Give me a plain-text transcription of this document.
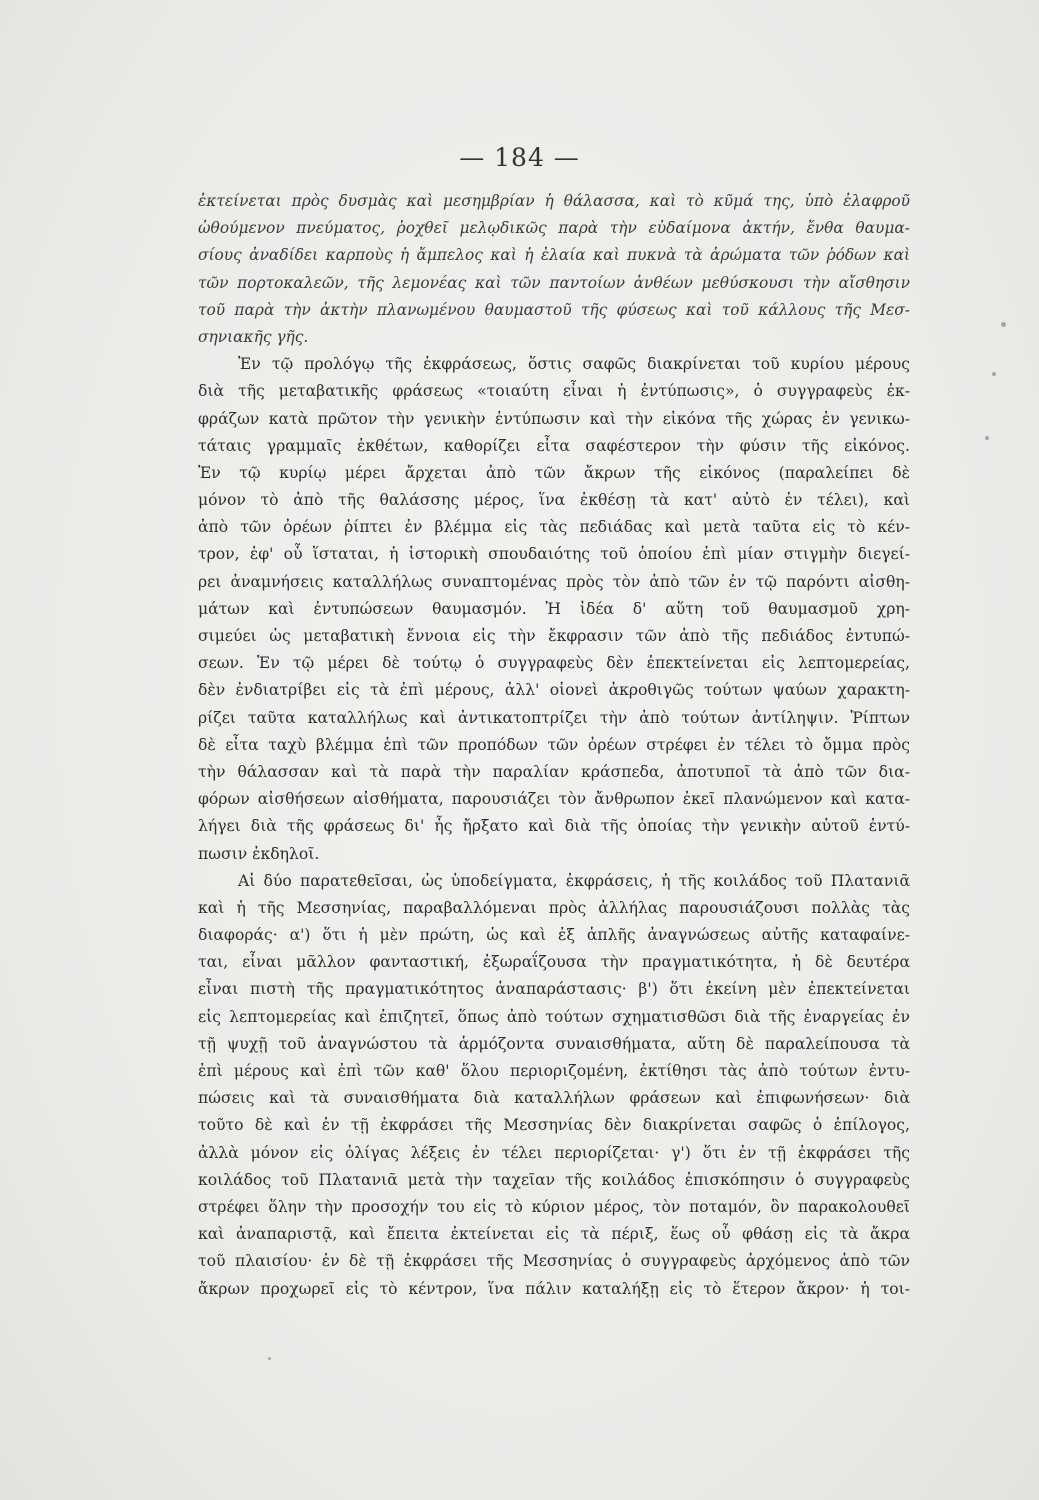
— 184 —
ἐκτείνεται πρὸς δυσμὰς καὶ μεσημβρίαν ἡ θάλασσα, καὶ τὸ κῦμά της, ὑπὸ ἐλαφροῦ
ὠθούμενον πνεύματος, ῥοχθεῖ μελῳδικῶς παρὰ τὴν εὐδαίμονα ἀκτήν, ἔνθα θαυμα-
σίους ἀναδίδει καρποὺς ἡ ἄμπελος καὶ ἡ ἐλαία καὶ πυκνὰ τὰ ἀρώματα τῶν ῥόδων καὶ
τῶν πορτοκαλεῶν, τῆς λεμονέας καὶ τῶν παντοίων ἀνθέων μεθύσκουσι τὴν αἴσθησιν
τοῦ παρὰ τὴν ἀκτὴν πλανωμένου θαυμαστοῦ τῆς φύσεως καὶ τοῦ κάλλους τῆς Μεσ-
σηνιακῆς γῆς.
Ἐν τῷ προλόγῳ τῆς ἐκφράσεως, ὅστις σαφῶς διακρίνεται τοῦ κυρίου μέρους
διὰ τῆς μεταβατικῆς φράσεως «τοιαύτη εἶναι ἡ ἐντύπωσις», ὁ συγγραφεὺς ἐκ-
φράζων κατὰ πρῶτον τὴν γενικὴν ἐντύπωσιν καὶ τὴν εἰκόνα τῆς χώρας ἐν γενικω-
τάταις γραμμαῖς ἐκθέτων, καθορίζει εἶτα σαφέστερον τὴν φύσιν τῆς εἰκόνος.
Ἐν τῷ κυρίῳ μέρει ἄρχεται ἀπὸ τῶν ἄκρων τῆς εἰκόνος (παραλείπει δὲ
μόνον τὸ ἀπὸ τῆς θαλάσσης μέρος, ἵνα ἐκθέσῃ τὰ κατ' αὐτὸ ἐν τέλει), καὶ
ἀπὸ τῶν ὀρέων ῥίπτει ἐν βλέμμα εἰς τὰς πεδιάδας καὶ μετὰ ταῦτα εἰς τὸ κέν-
τρον, ἐφ' οὗ ἵσταται, ἡ ἱστορικὴ σπουδαιότης τοῦ ὁποίου ἐπὶ μίαν στιγμὴν διεγεί-
ρει ἀναμνήσεις καταλλήλως συναπτομένας πρὸς τὸν ἀπὸ τῶν ἐν τῷ παρόντι αἰσθη-
μάτων καὶ ἐντυπώσεων θαυμασμόν. Ἡ ἰδέα δ' αὕτη τοῦ θαυμασμοῦ χρη-
σιμεύει ὡς μεταβατικὴ ἔννοια εἰς τὴν ἔκφρασιν τῶν ἀπὸ τῆς πεδιάδος ἐντυπώ-
σεων. Ἐν τῷ μέρει δὲ τούτῳ ὁ συγγραφεὺς δὲν ἐπεκτείνεται εἰς λεπτομερείας,
δὲν ἐνδιατρίβει εἰς τὰ ἐπὶ μέρους, ἀλλ' οἱονεὶ ἀκροθιγῶς τούτων ψαύων χαρακτη-
ρίζει ταῦτα καταλλήλως καὶ ἀντικατοπτρίζει τὴν ἀπὸ τούτων ἀντίληψιν. Ῥίπτων
δὲ εἶτα ταχὺ βλέμμα ἐπὶ τῶν προπόδων τῶν ὀρέων στρέφει ἐν τέλει τὸ ὄμμα πρὸς
τὴν θάλασσαν καὶ τὰ παρὰ τὴν παραλίαν κράσπεδα, ἀποτυποῖ τὰ ἀπὸ τῶν δια-
φόρων αἰσθήσεων αἰσθήματα, παρουσιάζει τὸν ἄνθρωπον ἐκεῖ πλανώμενον καὶ κατα-
λήγει διὰ τῆς φράσεως δι' ἧς ἤρξατο καὶ διὰ τῆς ὁποίας τὴν γενικὴν αὐτοῦ ἐντύ-
πωσιν ἐκδηλοῖ.
Αἱ δύο παρατεθεῖσαι, ὡς ὑποδείγματα, ἐκφράσεις, ἡ τῆς κοιλάδος τοῦ Πλατανιᾶ
καὶ ἡ τῆς Μεσσηνίας, παραβαλλόμεναι πρὸς ἀλλήλας παρουσιάζουσι πολλὰς τὰς
διαφοράς· α') ὅτι ἡ μὲν πρώτη, ὡς καὶ ἐξ ἁπλῆς ἀναγνώσεως αὐτῆς καταφαίνε-
ται, εἶναι μᾶλλον φανταστική, ἐξωραΐζουσα τὴν πραγματικότητα, ἡ δὲ δευτέρα
εἶναι πιστὴ τῆς πραγματικότητος ἀναπαράστασις· β') ὅτι ἐκείνη μὲν ἐπεκτείνεται
εἰς λεπτομερείας καὶ ἐπιζητεῖ, ὅπως ἀπὸ τούτων σχηματισθῶσι διὰ τῆς ἐναργείας ἐν
τῇ ψυχῇ τοῦ ἀναγνώστου τὰ ἁρμόζοντα συναισθήματα, αὕτη δὲ παραλείπουσα τὰ
ἐπὶ μέρους καὶ ἐπὶ τῶν καθ' ὅλου περιοριζομένη, ἐκτίθησι τὰς ἀπὸ τούτων ἐντυ-
πώσεις καὶ τὰ συναισθήματα διὰ καταλλήλων φράσεων καὶ ἐπιφωνήσεων· διὰ
τοῦτο δὲ καὶ ἐν τῇ ἐκφράσει τῆς Μεσσηνίας δὲν διακρίνεται σαφῶς ὁ ἐπίλογος,
ἀλλὰ μόνον εἰς ὀλίγας λέξεις ἐν τέλει περιορίζεται· γ') ὅτι ἐν τῇ ἐκφράσει τῆς
κοιλάδος τοῦ Πλατανιᾶ μετὰ τὴν ταχεῖαν τῆς κοιλάδος ἐπισκόπησιν ὁ συγγραφεὺς
στρέφει ὅλην τὴν προσοχήν του εἰς τὸ κύριον μέρος, τὸν ποταμόν, ὃν παρακολουθεῖ
καὶ ἀναπαριστᾷ, καὶ ἔπειτα ἐκτείνεται εἰς τὰ πέριξ, ἕως οὗ φθάσῃ εἰς τὰ ἄκρα
τοῦ πλαισίου· ἐν δὲ τῇ ἐκφράσει τῆς Μεσσηνίας ὁ συγγραφεὺς ἀρχόμενος ἀπὸ τῶν
ἄκρων προχωρεῖ εἰς τὸ κέντρον, ἵνα πάλιν καταλήξῃ εἰς τὸ ἕτερον ἄκρον· ἡ τοι-
